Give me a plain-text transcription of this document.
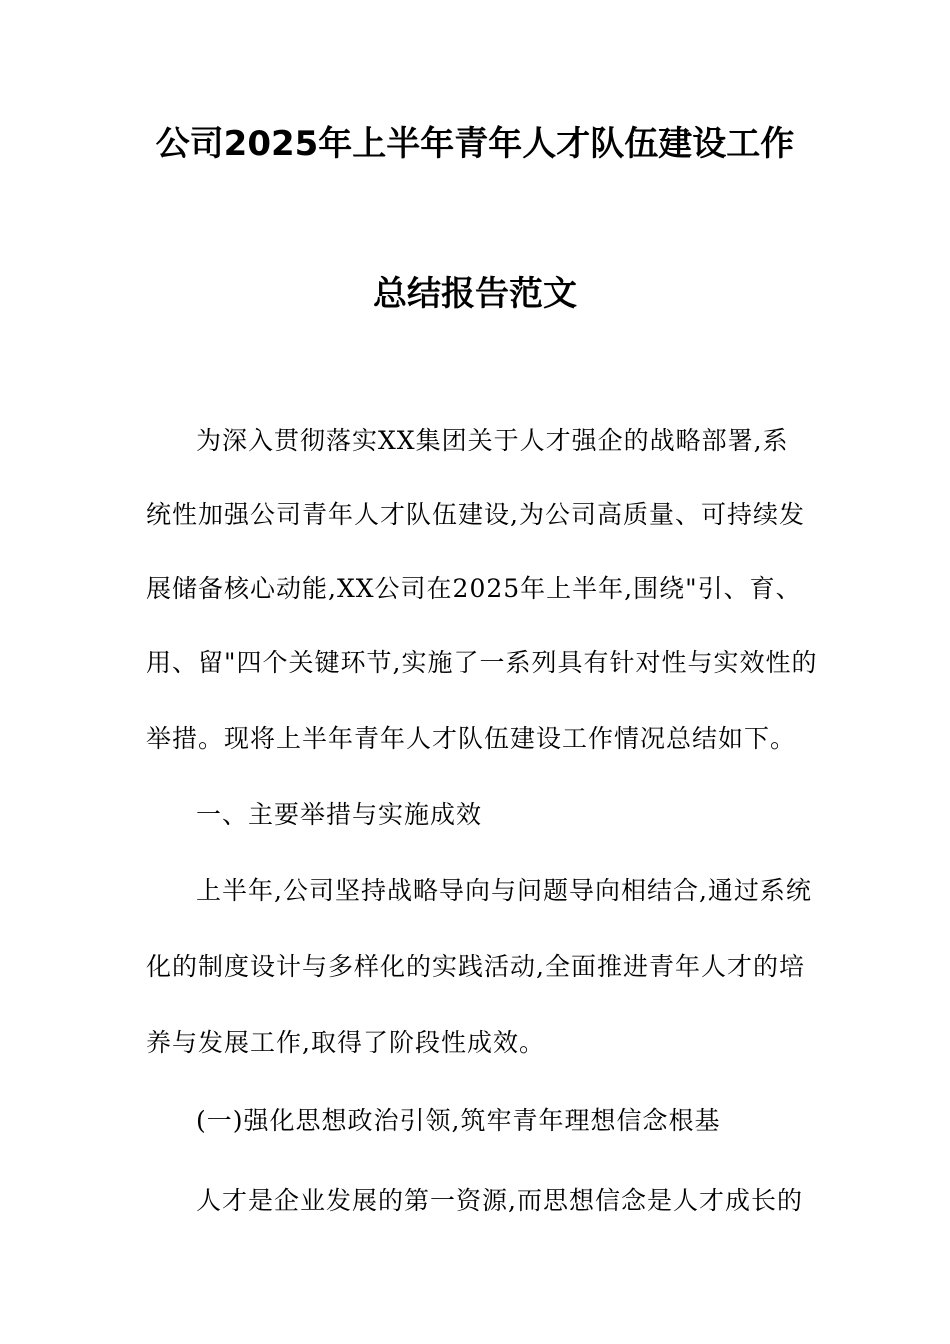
公司2025年上半年青年人才队伍建设工作
总结报告范文
为深入贯彻落实XX集团关于人才强企的战略部署,系
统性加强公司青年人才队伍建设,为公司高质量、可持续发
展储备核心动能,XX公司在2025年上半年,围绕"引、育、
用、留"四个关键环节,实施了一系列具有针对性与实效性的
举措。现将上半年青年人才队伍建设工作情况总结如下。
一、主要举措与实施成效
上半年,公司坚持战略导向与问题导向相结合,通过系统
化的制度设计与多样化的实践活动,全面推进青年人才的培
养与发展工作,取得了阶段性成效。
(一)强化思想政治引领,筑牢青年理想信念根基
人才是企业发展的第一资源,而思想信念是人才成长的
